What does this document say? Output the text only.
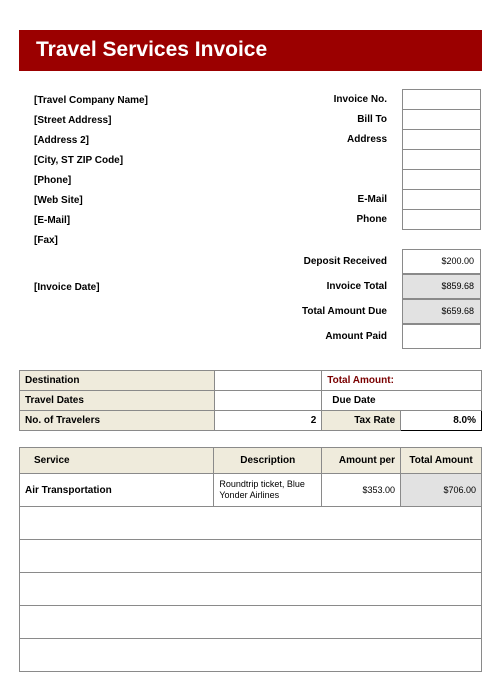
Travel Services Invoice
[Travel Company Name]
[Street Address]
[Address 2]
[City, ST ZIP Code]
[Phone]
[Web Site]
[E-Mail]
[Fax]
[Invoice Date]
Invoice No.
Bill To
Address
E-Mail
Phone
Deposit Received	$200.00
Invoice Total	$859.68
Total Amount Due	$659.68
Amount Paid
Destination		Total Amount:	
Travel Dates		Due Date	
No. of Travelers	2	Tax Rate	8.0%
Service	Description	Amount per	Total Amount
Air Transportation	Roundtrip ticket, Blue Yonder Airlines	$353.00	$706.00
